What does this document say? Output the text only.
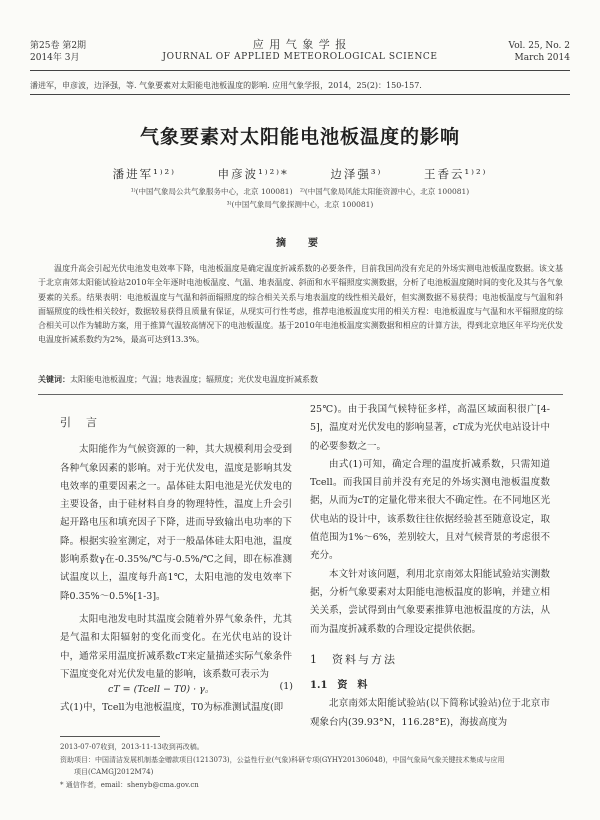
第25卷 第2期
2014年 3月
应 用 气 象 学 报
JOURNAL OF APPLIED METEOROLOGICAL SCIENCE
Vol. 25, No. 2
March 2014
潘进军，申彦波，边泽强，等. 气象要素对太阳能电池板温度的影响. 应用气象学报，2014，25(2)：150-157.
气象要素对太阳能电池板温度的影响
潘进军¹⁾²⁾	申彦波¹⁾²⁾*	边泽强³⁾	王香云¹⁾²⁾
¹⁾(中国气象局公共气象服务中心，北京 100081)　²⁾(中国气象局风能太阳能资源中心，北京 100081)
³⁾(中国气象局气象探测中心，北京 100081)
摘　要

温度升高会引起光伏电池发电效率下降，电池板温度是确定温度折减系数的必要条件，目前我国尚没有充足的外场实测电池板温度数据。该文基于北京南郊太阳能试验站2010年全年逐时电池板温度、气温、地表温度、斜面和水平辐照度实测数据，分析了电池板温度随时间的变化及其与各气象要素的关系。结果表明：电池板温度与气温和斜面辐照度的综合相关关系与地表温度的线性相关最好，但实测数据不易获得；电池板温度与气温和斜面辐照度的线性相关较好，数据较易获得且质量有保证，从现实可行性考虑，推荐电池板温度实用的相关方程：电池板温度与气温和水平辐照度的综合相关可以作为辅助方案，用于推算气温较高情况下的电池板温度。基于2010年电池板温度实测数据和相应的计算方法，得到北京地区年平均光伏发电温度折减系数约为2%，最高可达到13.3%。

关键词：太阳能电池板温度；气温；地表温度；辐照度；光伏发电温度折减系数
引　言

太阳能作为气候资源的一种，其大规模利用会受到各种气象因素的影响。对于光伏发电，温度是影响其发电效率的重要因素之一。晶体硅太阳电池是光伏发电的主要设备，由于硅材料自身的物理特性，温度上升会引起开路电压和填充因子下降，进而导致输出电功率的下降。根据实验室测定，对于一般晶体硅太阳电池，温度影响系数γ在-0.35%/℃与-0.5%/℃之间，即在标准测试温度以上，温度每升高1℃，太阳电池的发电效率下降0.35%～0.5%[1-3]。

太阳电池发电时其温度会随着外界气象条件，尤其是气温和太阳辐射的变化而变化。在光伏电站的设计中，通常采用温度折减系数cT来定量描述实际气象条件下温度变化对光伏发电量的影响，该系数可表示为

cT = (Tcell − T0) · γ。	(1)
式(1)中，Tcell为电池板温度，T0为标准测试温度(即
25℃)。由于我国气候特征多样，高温区域面积很广[4-5]，温度对光伏发电的影响显著，cT成为光伏电站设计中的必要参数之一。

由式(1)可知，确定合理的温度折减系数，只需知道Tcell。而我国目前并没有充足的外场实测电池板温度数据，从而为cT的定量化带来很大不确定性。在不同地区光伏电站的设计中，该系数往往依据经验甚至随意设定，取值范围为1%～6%，差别较大，且对气候背景的考虑很不充分。

本文针对该问题，利用北京南郊太阳能试验站实测数据，分析气象要素对太阳能电池板温度的影响，并建立相关关系，尝试得到由气象要素推算电池板温度的方法，从而为温度折减系数的合理设定提供依据。

1　资料与方法
1.1　资　料

北京南郊太阳能试验站(以下简称试验站)位于北京市观象台内(39.93°N，116.28°E)，海拔高度为

2013-07-07收到，2013-11-13收到再改稿。
资助项目：中国清洁发展机制基金赠款项目(1213073)，公益性行业(气象)科研专项(GYHY201306048)，中国气象局气象关键技术集成与应用
　　项目(CAMGJ2012M74)
* 通信作者，email：shenyb@cma.gov.cn
